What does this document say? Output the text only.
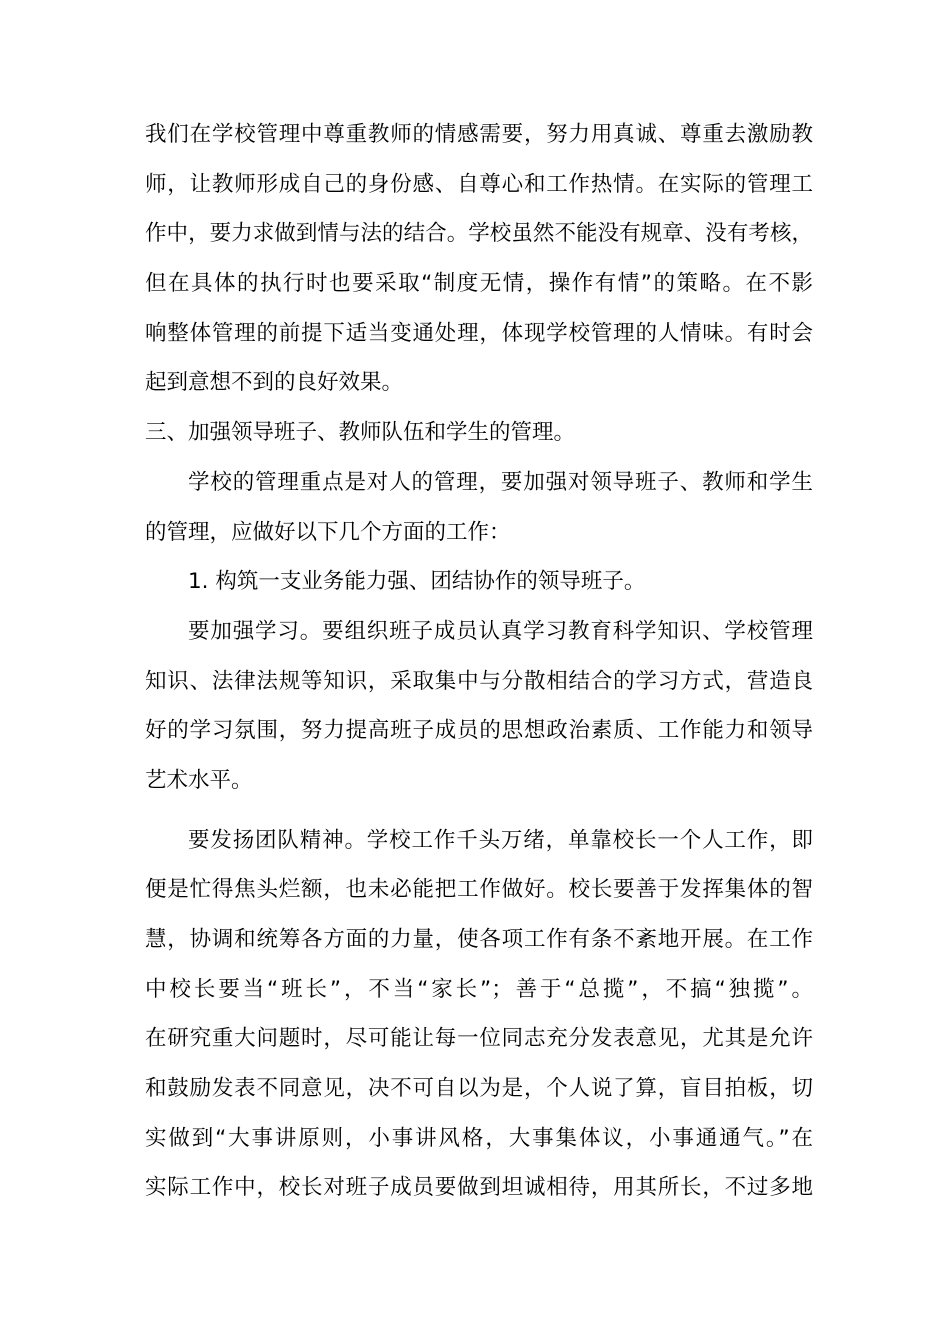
我们在学校管理中尊重教师的情感需要，努力用真诚、尊重去激励教
师，让教师形成自己的身份感、自尊心和工作热情。在实际的管理工
作中，要力求做到情与法的结合。学校虽然不能没有规章、没有考核，
但在具体的执行时也要采取“制度无情，操作有情”的策略。在不影
响整体管理的前提下适当变通处理，体现学校管理的人情味。有时会
起到意想不到的良好效果。
三、加强领导班子、教师队伍和学生的管理。
学校的管理重点是对人的管理，要加强对领导班子、教师和学生
的管理，应做好以下几个方面的工作：
1. 构筑一支业务能力强、团结协作的领导班子。
要加强学习。要组织班子成员认真学习教育科学知识、学校管理
知识、法律法规等知识，采取集中与分散相结合的学习方式，营造良
好的学习氛围，努力提高班子成员的思想政治素质、工作能力和领导
艺术水平。
要发扬团队精神。学校工作千头万绪，单靠校长一个人工作，即
便是忙得焦头烂额，也未必能把工作做好。校长要善于发挥集体的智
慧，协调和统筹各方面的力量，使各项工作有条不紊地开展。在工作
中校长要当“班长”，不当“家长”；善于“总揽”，不搞“独揽”。
在研究重大问题时，尽可能让每一位同志充分发表意见，尤其是允许
和鼓励发表不同意见，决不可自以为是，个人说了算，盲目拍板，切
实做到“大事讲原则，小事讲风格，大事集体议，小事通通气。”在
实际工作中，校长对班子成员要做到坦诚相待，用其所长，不过多地
